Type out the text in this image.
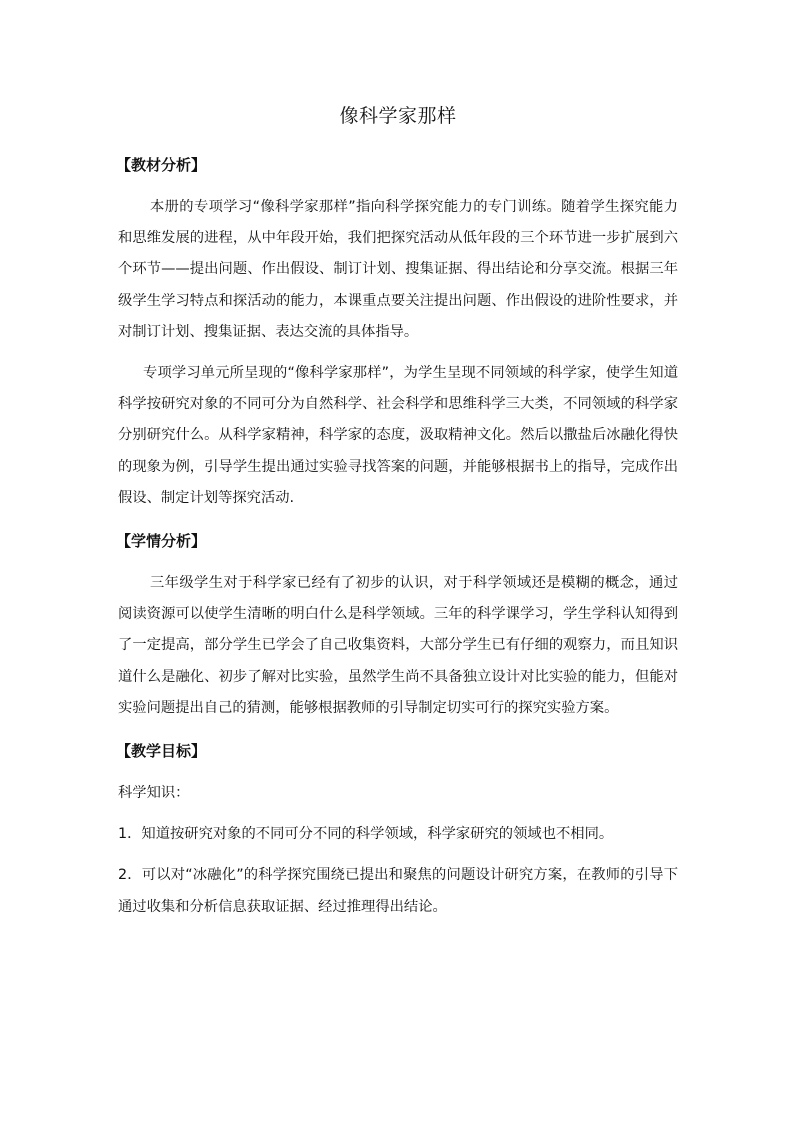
像科学家那样
【教材分析】

本册的专项学习“像科学家那样”指向科学探究能力的专门训练。随着学生探究能力和思维发展的进程，从中年段开始，我们把探究活动从低年段的三个环节进一步扩展到六个环节——提出问题、作出假设、制订计划、搜集证据、得出结论和分享交流。根据三年级学生学习特点和探活动的能力，本课重点要关注提出问题、作出假设的进阶性要求，并对制订计划、搜集证据、表达交流的具体指导。

专项学习单元所呈现的“像科学家那样”，为学生呈现不同领域的科学家，使学生知道科学按研究对象的不同可分为自然科学、社会科学和思维科学三大类，不同领域的科学家分别研究什么。从科学家精神，科学家的态度，汲取精神文化。然后以撒盐后冰融化得快的现象为例，引导学生提出通过实验寻找答案的问题，并能够根据书上的指导，完成作出假设、制定计划等探究活动.

【学情分析】

三年级学生对于科学家已经有了初步的认识，对于科学领域还是模糊的概念，通过阅读资源可以使学生清晰的明白什么是科学领域。三年的科学课学习，学生学科认知得到了一定提高，部分学生已学会了自己收集资料，大部分学生已有仔细的观察力，而且知识道什么是融化、初步了解对比实验，虽然学生尚不具备独立设计对比实验的能力，但能对实验问题提出自己的猜测，能够根据教师的引导制定切实可行的探究实验方案。

【教学目标】

科学知识：

1．知道按研究对象的不同可分不同的科学领域，科学家研究的领域也不相同。

2．可以对“冰融化”的科学探究围绕已提出和聚焦的问题设计研究方案，在教师的引导下通过收集和分析信息获取证据、经过推理得出结论。
